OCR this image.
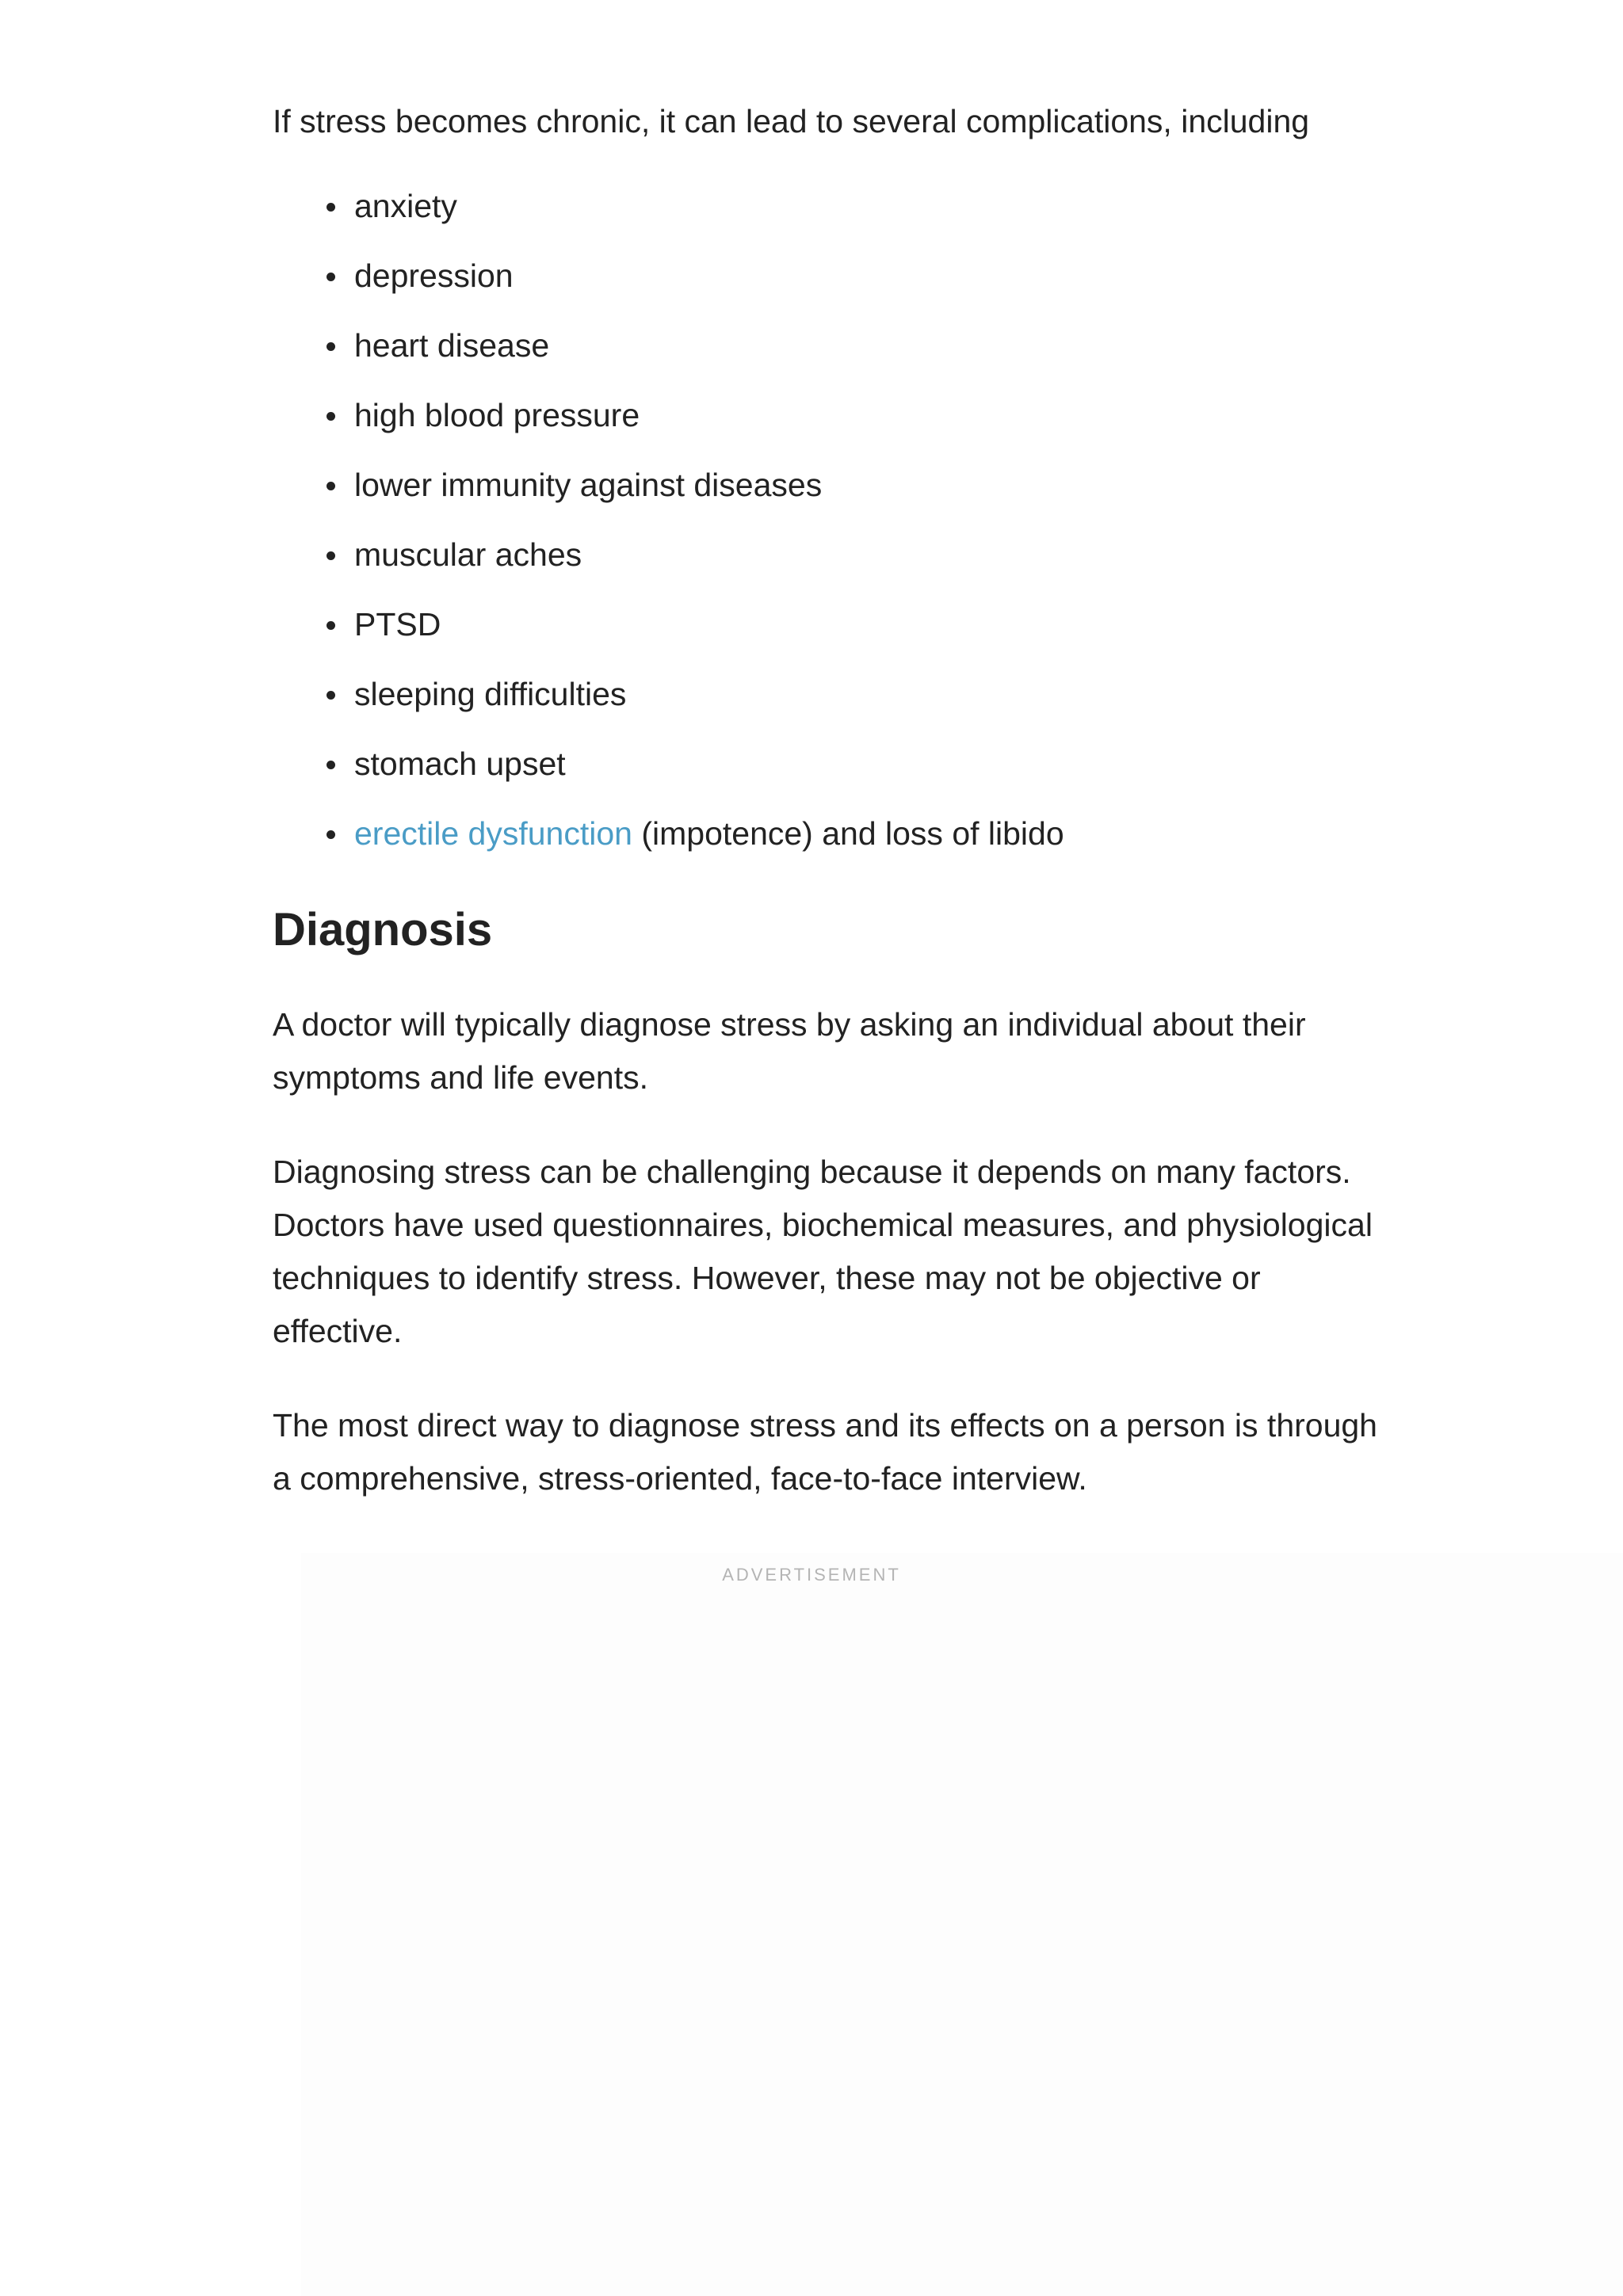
If stress becomes chronic, it can lead to several complications, including

anxiety
depression
heart disease
high blood pressure
lower immunity against diseases
muscular aches
PTSD
sleeping difficulties
stomach upset
erectile dysfunction (impotence) and loss of libido
Diagnosis

A doctor will typically diagnose stress by asking an individual about their symptoms and life events.

Diagnosing stress can be challenging because it depends on many factors. Doctors have used questionnaires, biochemical measures, and physiological techniques to identify stress. However, these may not be objective or effective.

The most direct way to diagnose stress and its effects on a person is through a comprehensive, stress-oriented, face-to-face interview.

ADVERTISEMENT
